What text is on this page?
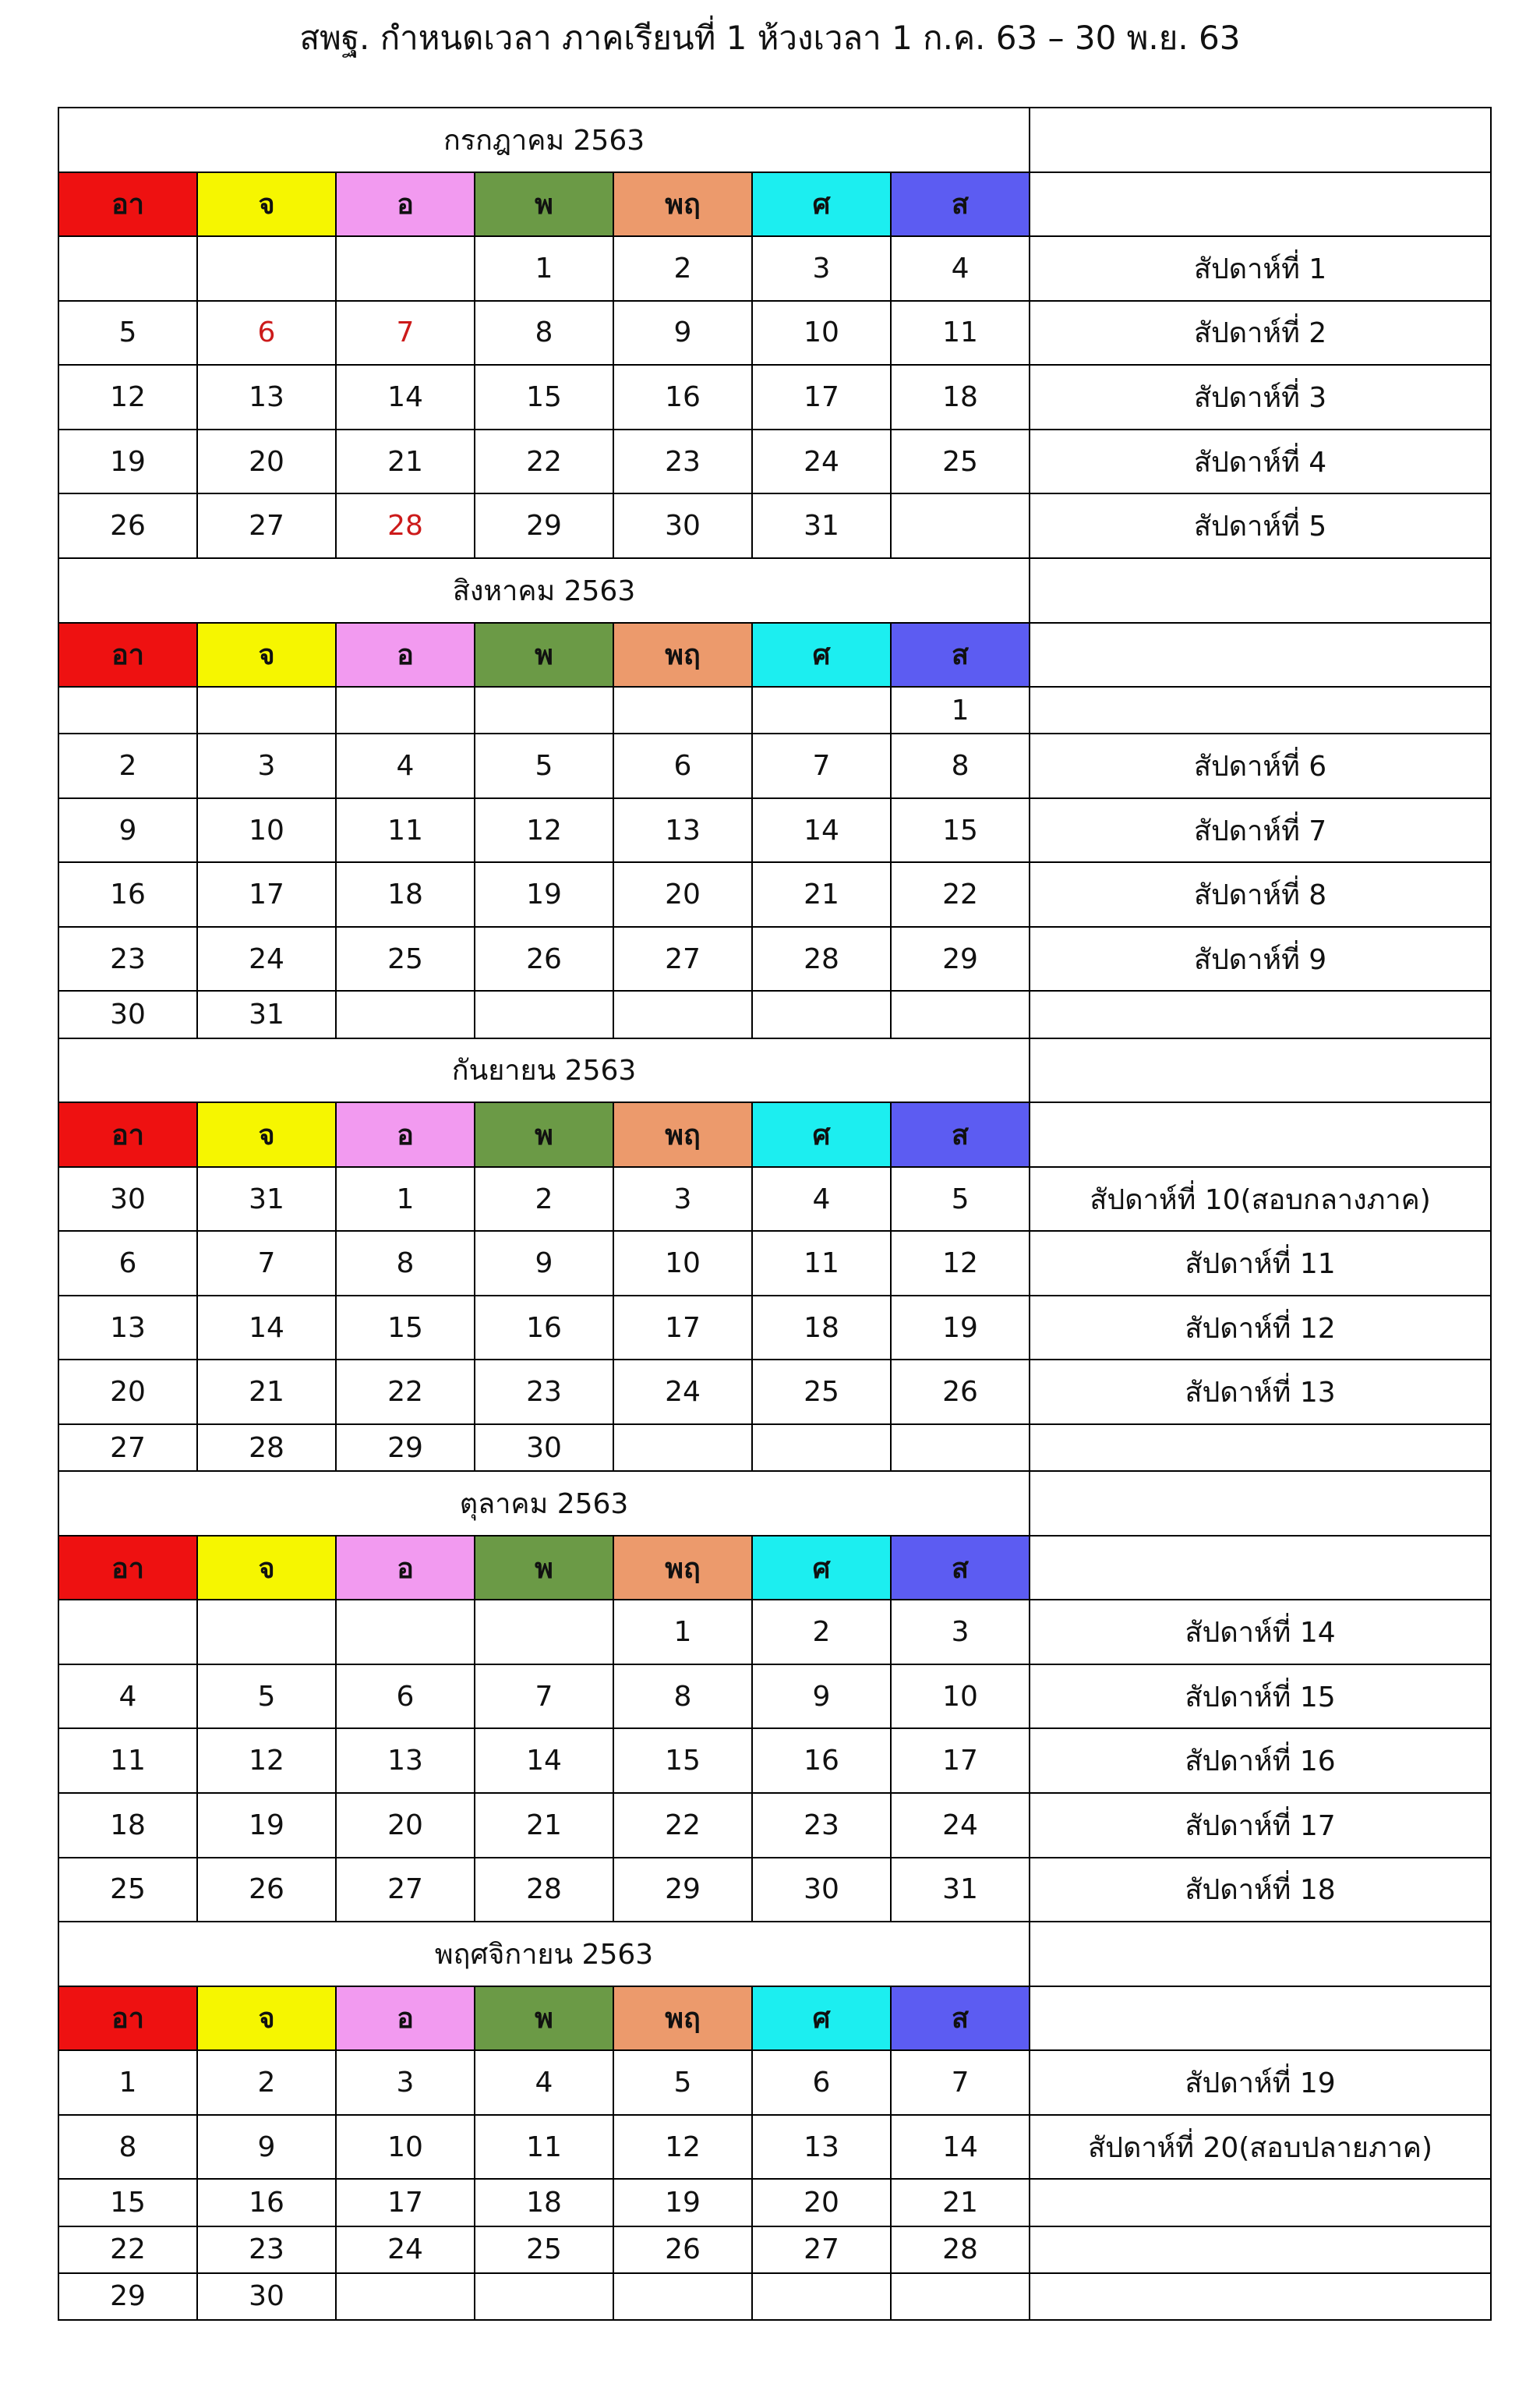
สพฐ. กำหนดเวลา ภาคเรียนที่ 1 ห้วงเวลา 1 ก.ค. 63 – 30 พ.ย. 63
กรกฎาคม 2563							
อา	จ	อ	พ	พฤ	ศ	ส	
			1	2	3	4	สัปดาห์ที่ 1
5	6	7	8	9	10	11	สัปดาห์ที่ 2
12	13	14	15	16	17	18	สัปดาห์ที่ 3
19	20	21	22	23	24	25	สัปดาห์ที่ 4
26	27	28	29	30	31		สัปดาห์ที่ 5
สิงหาคม 2563							
อา	จ	อ	พ	พฤ	ศ	ส	
						1	
2	3	4	5	6	7	8	สัปดาห์ที่ 6
9	10	11	12	13	14	15	สัปดาห์ที่ 7
16	17	18	19	20	21	22	สัปดาห์ที่ 8
23	24	25	26	27	28	29	สัปดาห์ที่ 9
30	31						
กันยายน 2563							
อา	จ	อ	พ	พฤ	ศ	ส	
30	31	1	2	3	4	5	สัปดาห์ที่ 10(สอบกลางภาค)
6	7	8	9	10	11	12	สัปดาห์ที่ 11
13	14	15	16	17	18	19	สัปดาห์ที่ 12
20	21	22	23	24	25	26	สัปดาห์ที่ 13
27	28	29	30				
ตุลาคม 2563							
อา	จ	อ	พ	พฤ	ศ	ส	
				1	2	3	สัปดาห์ที่ 14
4	5	6	7	8	9	10	สัปดาห์ที่ 15
11	12	13	14	15	16	17	สัปดาห์ที่ 16
18	19	20	21	22	23	24	สัปดาห์ที่ 17
25	26	27	28	29	30	31	สัปดาห์ที่ 18
พฤศจิกายน 2563							
อา	จ	อ	พ	พฤ	ศ	ส	
1	2	3	4	5	6	7	สัปดาห์ที่ 19
8	9	10	11	12	13	14	สัปดาห์ที่ 20(สอบปลายภาค)
15	16	17	18	19	20	21	
22	23	24	25	26	27	28	
29	30						
